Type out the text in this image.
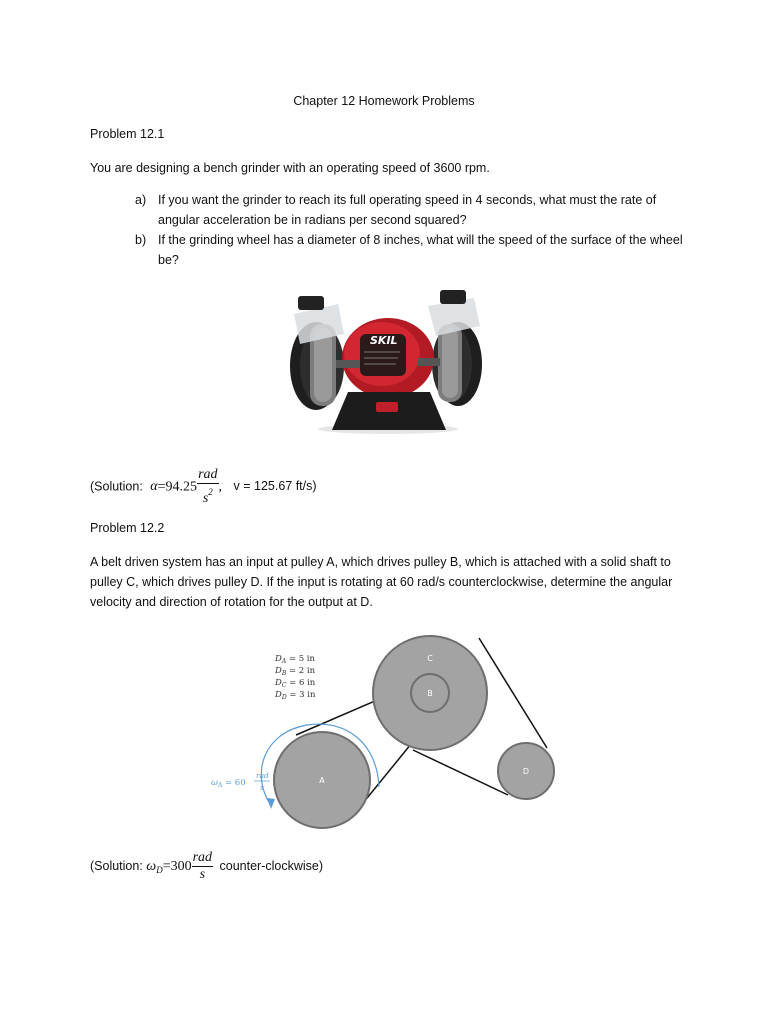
Chapter 12 Homework Problems
Problem 12.1
You are designing a bench grinder with an operating speed of 3600 rpm.
a) If you want the grinder to reach its full operating speed in 4 seconds, what must the rate of angular acceleration be in radians per second squared?
b) If the grinding wheel has a diameter of 8 inches, what will the speed of the surface of the wheel be?
SKIL
(Solution: $\alpha=94.25 \frac{\text{rad}}{s^2}$ , v = 125.67 ft/s)
Problem 12.2
A belt driven system has an input at pulley A, which drives pulley B, which is attached with a solid shaft to pulley C, which drives pulley D. If the input is rotating at 60 rad/s counterclockwise, determine the angular velocity and direction of rotation for the output at D.
C
B
A
D
$D_A = 5$ in
$D_B = 2$ in
$D_C = 6$ in
$D_D = 3$ in
$\omega_A = 60$
rad
s
(Solution: $\omega_D=300 \frac{\text{rad}}{s}$ counter-clockwise)
